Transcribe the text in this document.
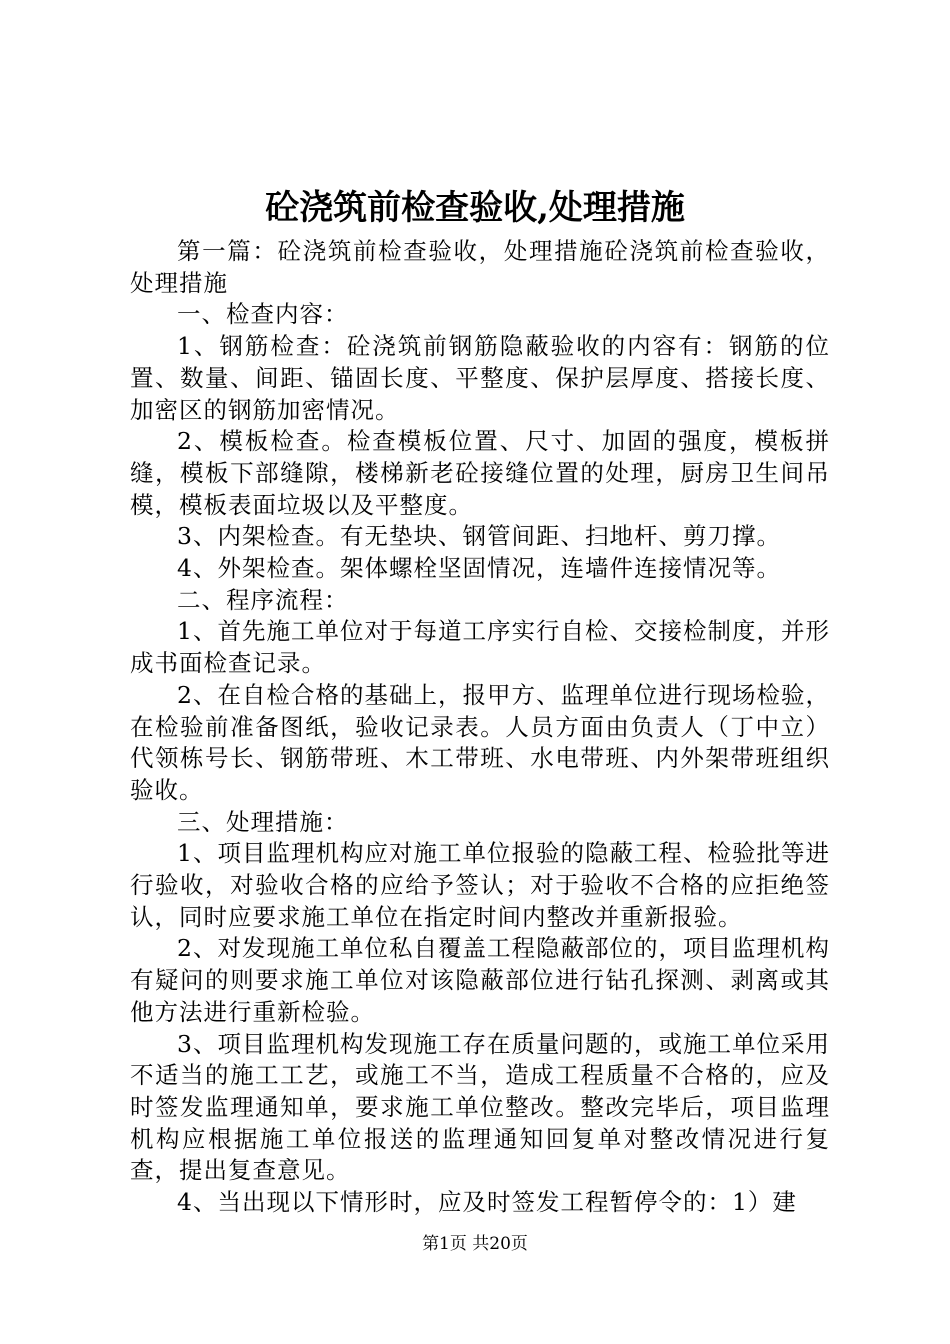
砼浇筑前检查验收,处理措施

第一篇：砼浇筑前检查验收，处理措施砼浇筑前检查验收，处理措施

一、检查内容：

1、钢筋检查：砼浇筑前钢筋隐蔽验收的内容有：钢筋的位置、数量、间距、锚固长度、平整度、保护层厚度、搭接长度、加密区的钢筋加密情况。

2、模板检查。检查模板位置、尺寸、加固的强度，模板拼缝，模板下部缝隙，楼梯新老砼接缝位置的处理，厨房卫生间吊模，模板表面垃圾以及平整度。

3、内架检查。有无垫块、钢管间距、扫地杆、剪刀撑。

4、外架检查。架体螺栓坚固情况，连墙件连接情况等。

二、程序流程：

1、首先施工单位对于每道工序实行自检、交接检制度，并形成书面检查记录。

2、在自检合格的基础上，报甲方、监理单位进行现场检验，在检验前准备图纸，验收记录表。人员方面由负责人（丁中立）代领栋号长、钢筋带班、木工带班、水电带班、内外架带班组织验收。

三、处理措施：

1、项目监理机构应对施工单位报验的隐蔽工程、检验批等进行验收，对验收合格的应给予签认；对于验收不合格的应拒绝签认，同时应要求施工单位在指定时间内整改并重新报验。

2、对发现施工单位私自覆盖工程隐蔽部位的，项目监理机构有疑问的则要求施工单位对该隐蔽部位进行钻孔探测、剥离或其他方法进行重新检验。

3、项目监理机构发现施工存在质量问题的，或施工单位采用不适当的施工工艺，或施工不当，造成工程质量不合格的，应及时签发监理通知单，要求施工单位整改。整改完毕后，项目监理机构应根据施工单位报送的监理通知回复单对整改情况进行复查，提出复查意见。

4、当出现以下情形时，应及时签发工程暂停令的：1）建

第1页 共20页
